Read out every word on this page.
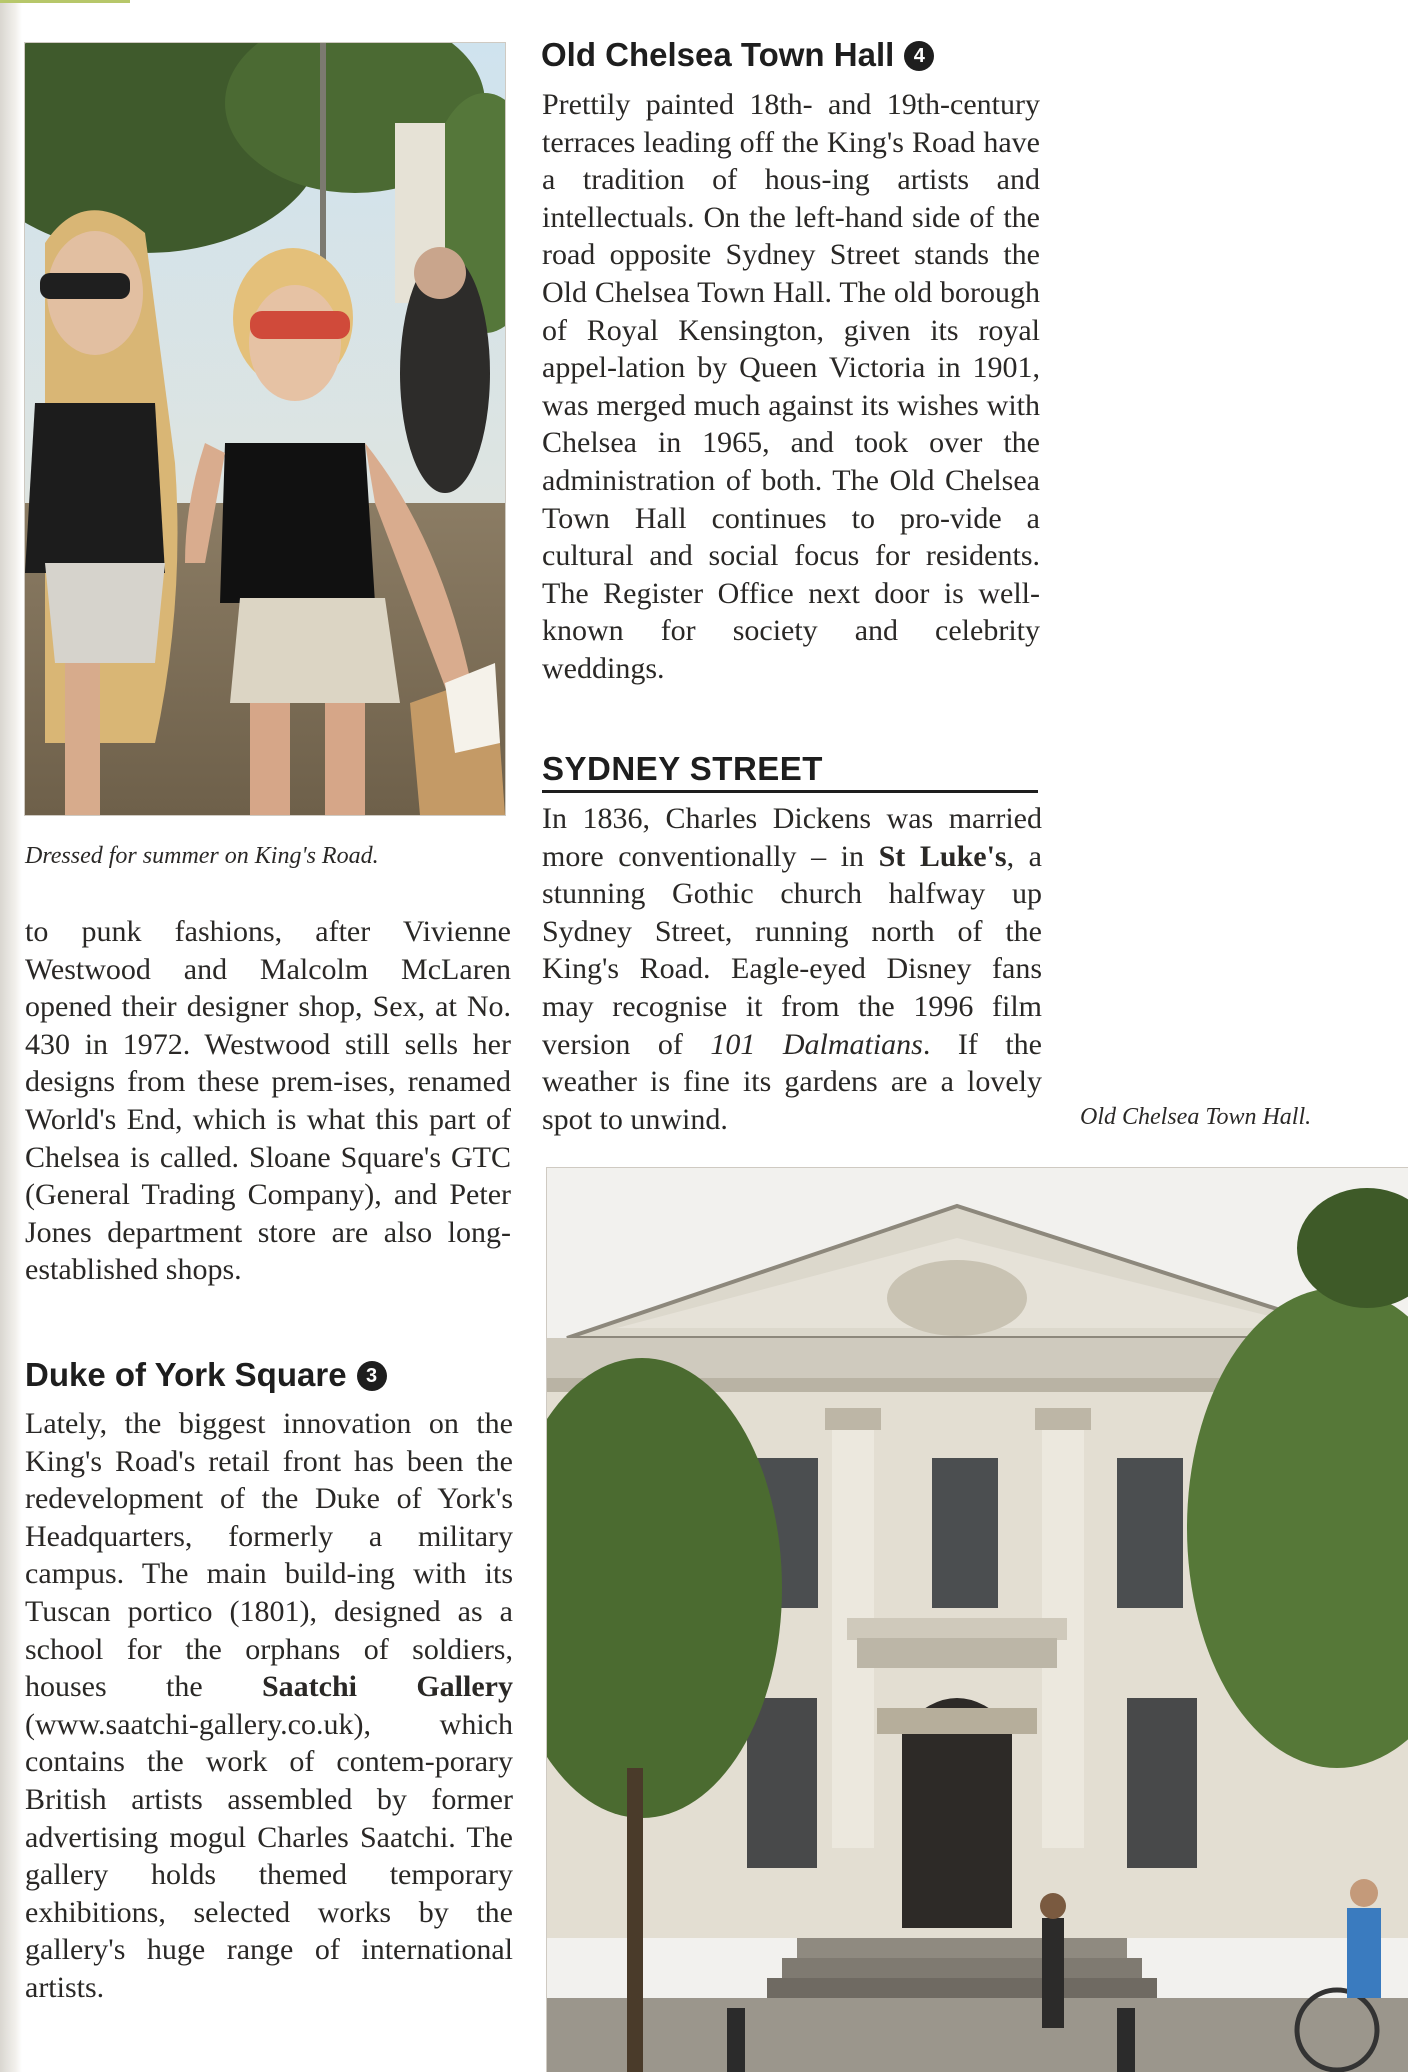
Dressed for summer on King's Road.

to punk fashions, after Vivienne Westwood and Malcolm McLaren opened their designer shop, Sex, at No. 430 in 1972. Westwood still sells her designs from these prem-ises, renamed World's End, which is what this part of Chelsea is called. Sloane Square's GTC (General Trading Company), and Peter Jones department store are also long-established shops.

Duke of York Square 3

Lately, the biggest innovation on the King's Road's retail front has been the redevelopment of the Duke of York's Headquarters, formerly a military campus. The main build-ing with its Tuscan portico (1801), designed as a school for the orphans of soldiers, houses the Saatchi Gallery (www.saatchi-gallery.co.uk), which contains the work of contem-porary British artists assembled by former advertising mogul Charles Saatchi. The gallery holds themed temporary exhibitions, selected works by the gallery's huge range of international artists.

Old Chelsea Town Hall 4

Prettily painted 18th- and 19th-century terraces leading off the King's Road have a tradition of hous-ing artists and intellectuals. On the left-hand side of the road opposite Sydney Street stands the Old Chelsea Town Hall. The old borough of Royal Kensington, given its royal appel-lation by Queen Victoria in 1901, was merged much against its wishes with Chelsea in 1965, and took over the administration of both. The Old Chelsea Town Hall continues to pro-vide a cultural and social focus for residents. The Register Office next door is well-known for society and celebrity weddings.

SYDNEY STREET

In 1836, Charles Dickens was married more conventionally – in St Luke's, a stunning Gothic church halfway up Sydney Street, running north of the King's Road. Eagle-eyed Disney fans may recognise it from the 1996 film version of 101 Dalmatians. If the weather is fine its gardens are a lovely spot to unwind.	Old Chelsea Town Hall.
